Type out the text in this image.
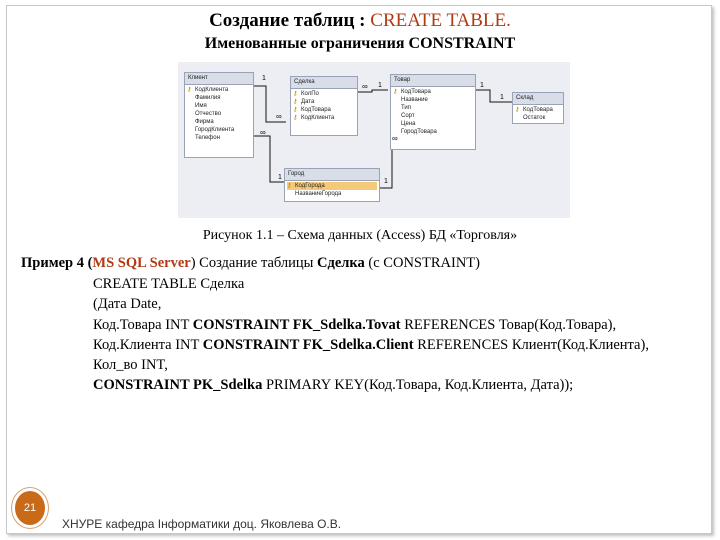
Создание таблиц : CREATE TABLE.
Именованные ограничения CONSTRAINT
Клиент
⚷ КодКлиента
Фамилия
Имя
Отчество
Фирма
ГородКлиента
Телефон
Сделка
⚷ КолПо
⚷ Дата
⚷ КодТовара
⚷ КодКлиента
Товар
⚷ КодТовара
Название
Тип
Сорт
Цена
ГородТовара
Склад
⚷ КодТовара
Остаток
Город
⚷ КодГорода
НазваниеГорода
1
∞
1
∞	1
1
∞
1
1
∞
Рисунок 1.1 – Схема данных (Access) БД «Торговля»
Пример 4 (MS SQL Server) Создание таблицы Сделка (с CONSTRAINT)
CREATE TABLE Сделка
(Дата Date,
Код.Товара INT CONSTRAINT FK_Sdelka.Tovat REFERENCES Товар(Код.Товара),
Код.Клиента INT CONSTRAINT FK_Sdelka.Client REFERENCES Клиент(Код.Клиента),
Кол_во INT,
CONSTRAINT PK_Sdelka PRIMARY KEY(Код.Товара, Код.Клиента, Дата));
21
ХНУРЕ кафедра Інформатики доц. Яковлева О.В.
